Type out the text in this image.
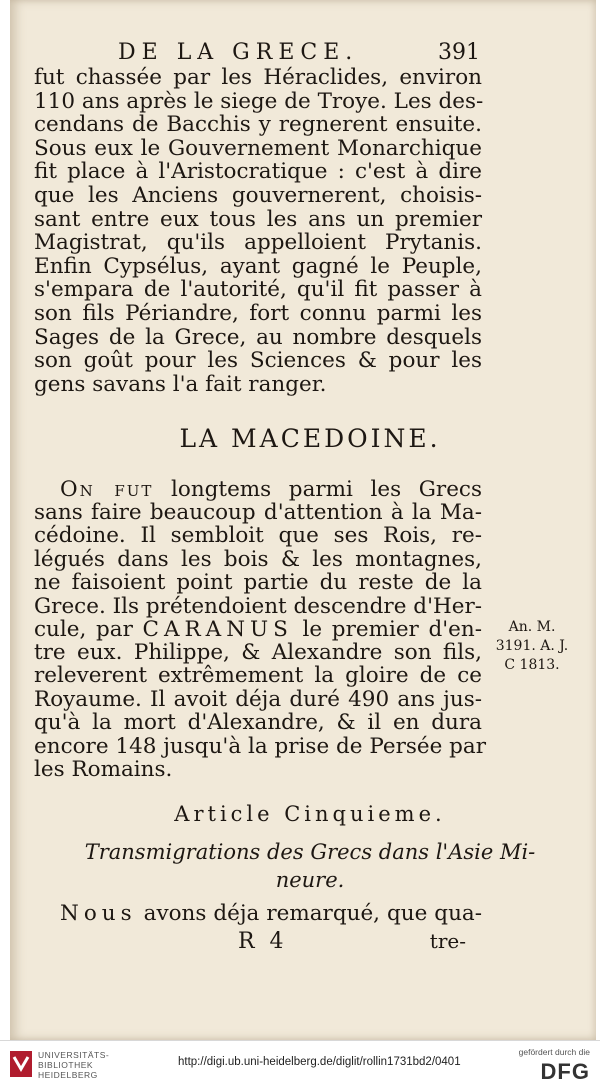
DE LA GRECE.	391
fut chassée par les Héraclides, environ
110 ans après le siege de Troye. Les des-
cendans de Bacchis y regnerent ensuite.
Sous eux le Gouvernement Monarchique
fit place à l'Aristocratique : c'est à dire
que les Anciens gouvernerent, choisis-
sant entre eux tous les ans un premier
Magistrat, qu'ils appelloient Prytanis.
Enfin Cypsélus, ayant gagné le Peuple,
s'empara de l'autorité, qu'il fit passer à
son fils Périandre, fort connu parmi les
Sages de la Grece, au nombre desquels
son goût pour les Sciences & pour les
gens savans l'a fait ranger.
LA MACEDOINE.
On fut longtems parmi les Grecs
sans faire beaucoup d'attention à la Ma-
cédoine. Il sembloit que ses Rois, re-
légués dans les bois & les montagnes,
ne faisoient point partie du reste de la
Grece. Ils prétendoient descendre d'Her-
cule, par CARANUS le premier d'en-
tre eux. Philippe, & Alexandre son fils,
releverent extrêmement la gloire de ce
Royaume. Il avoit déja duré 490 ans jus-
qu'à la mort d'Alexandre, & il en dura
encore 148 jusqu'à la prise de Persée par
les Romains.
An. M.
3191. A. J.
C 1813.
Article Cinquieme.
Transmigrations des Grecs dans l'Asie Mi-
neure.
Nous avons déja remarqué, que qua-
R 4	tre-
UNIVERSITÄTS-
BIBLIOTHEK
HEIDELBERG
http://digi.ub.uni-heidelberg.de/diglit/rollin1731bd2/0401
gefördert durch die
DFG
